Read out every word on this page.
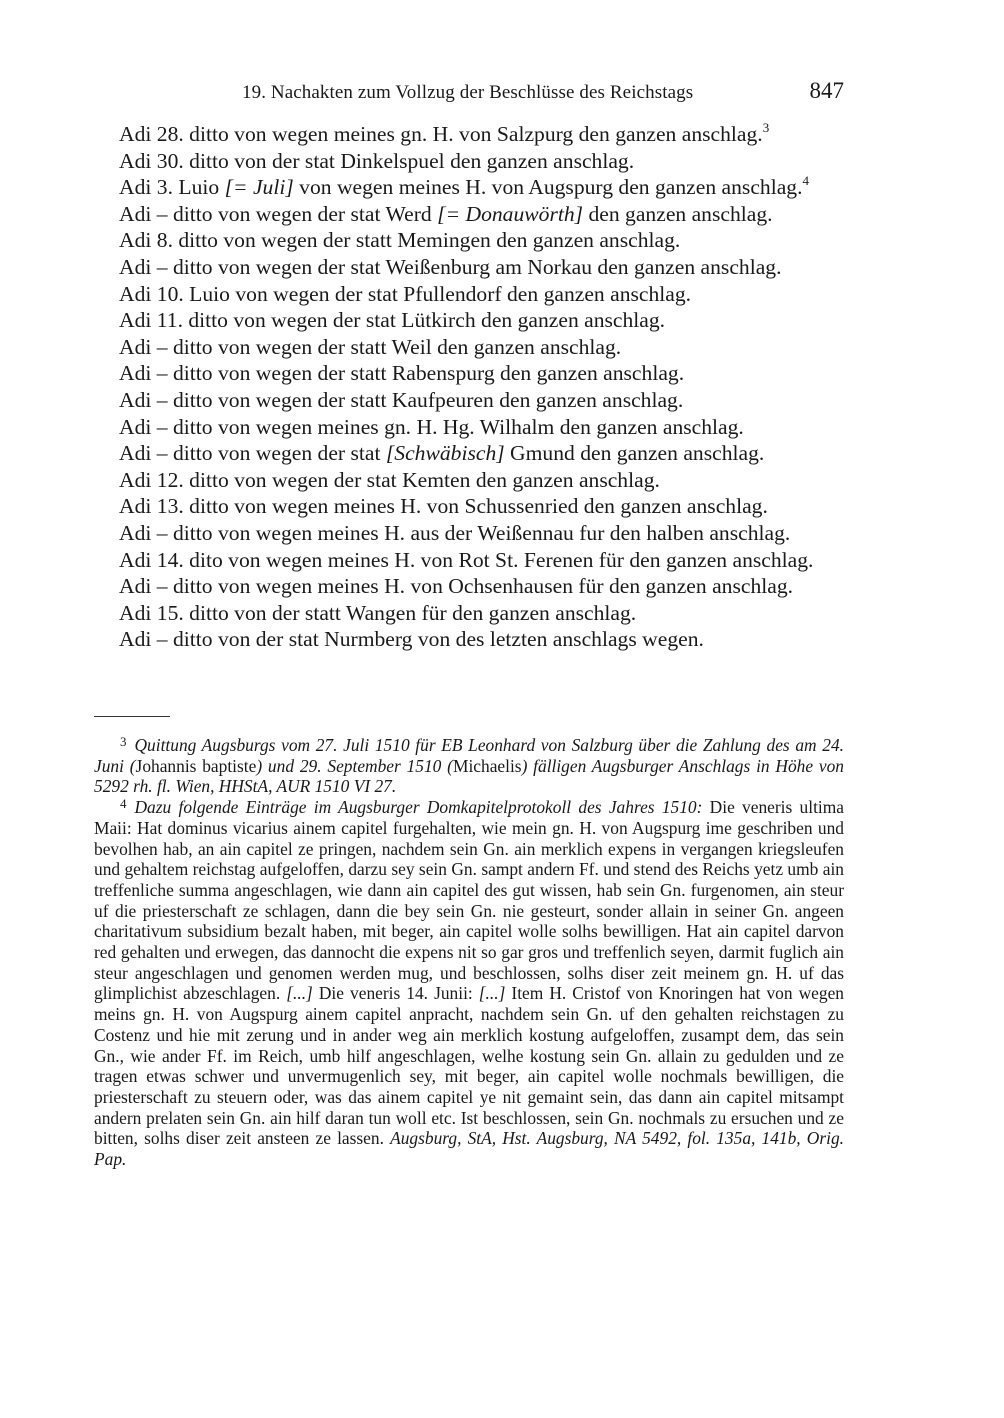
19. Nachakten zum Vollzug der Beschlüsse des Reichstags	847
Adi 28. ditto von wegen meines gn. H. von Salzpurg den ganzen anschlag.$^3$
Adi 30. ditto von der stat Dinkelspuel den ganzen anschlag.
Adi 3. Luio [= Juli] von wegen meines H. von Augspurg den ganzen anschlag.$^4$
Adi – ditto von wegen der stat Werd [= Donauwörth] den ganzen anschlag.
Adi 8. ditto von wegen der statt Memingen den ganzen anschlag.
Adi – ditto von wegen der stat Weißenburg am Norkau den ganzen anschlag.
Adi 10. Luio von wegen der stat Pfullendorf den ganzen anschlag.
Adi 11. ditto von wegen der stat Lütkirch den ganzen anschlag.
Adi – ditto von wegen der statt Weil den ganzen anschlag.
Adi – ditto von wegen der statt Rabenspurg den ganzen anschlag.
Adi – ditto von wegen der statt Kaufpeuren den ganzen anschlag.
Adi – ditto von wegen meines gn. H. Hg. Wilhalm den ganzen anschlag.
Adi – ditto von wegen der stat [Schwäbisch] Gmund den ganzen anschlag.
Adi 12. ditto von wegen der stat Kemten den ganzen anschlag.
Adi 13. ditto von wegen meines H. von Schussenried den ganzen anschlag.
Adi – ditto von wegen meines H. aus der Weißennau fur den halben anschlag.
Adi 14. dito von wegen meines H. von Rot St. Ferenen für den ganzen anschlag.
Adi – ditto von wegen meines H. von Ochsenhausen für den ganzen anschlag.
Adi 15. ditto von der statt Wangen für den ganzen anschlag.
Adi – ditto von der stat Nurmberg von des letzten anschlags wegen.

$^3$ Quittung Augsburgs vom 27. Juli 1510 für EB Leonhard von Salzburg über die Zahlung des am 24. Juni (Johannis baptiste) und 29. September 1510 (Michaelis) fälligen Augsburger Anschlags in Höhe von 5292 rh. fl. Wien, HHStA, AUR 1510 VI 27.

$^4$ Dazu folgende Einträge im Augsburger Domkapitelprotokoll des Jahres 1510: Die veneris ultima Maii: Hat dominus vicarius ainem capitel furgehalten, wie mein gn. H. von Augspurg ime geschriben und bevolhen hab, an ain capitel ze pringen, nachdem sein Gn. ain merklich expens in vergangen kriegsleufen und gehaltem reichstag aufgeloffen, darzu sey sein Gn. sampt andern Ff. und stend des Reichs yetz umb ain treffenliche summa angeschlagen, wie dann ain capitel des gut wissen, hab sein Gn. furgenomen, ain steur uf die priesterschaft ze schlagen, dann die bey sein Gn. nie gesteurt, sonder allain in seiner Gn. angeen charitativum subsidium bezalt haben, mit beger, ain capitel wolle solhs bewilligen. Hat ain capitel darvon red gehalten und erwegen, das dannocht die expens nit so gar gros und treffenlich seyen, darmit fuglich ain steur angeschlagen und genomen werden mug, und beschlossen, solhs diser zeit meinem gn. H. uf das glimplichist abzeschlagen. [...] Die veneris 14. Junii: [...] Item H. Cristof von Knoringen hat von wegen meins gn. H. von Augspurg ainem capitel anpracht, nachdem sein Gn. uf den gehalten reichstagen zu Costenz und hie mit zerung und in ander weg ain merklich kostung aufgeloffen, zusampt dem, das sein Gn., wie ander Ff. im Reich, umb hilf angeschlagen, welhe kostung sein Gn. allain zu gedulden und ze tragen etwas schwer und unvermugenlich sey, mit beger, ain capitel wolle nochmals bewilligen, die priesterschaft zu steuern oder, was das ainem capitel ye nit gemaint sein, das dann ain capitel mitsampt andern prelaten sein Gn. ain hilf daran tun woll etc. Ist beschlossen, sein Gn. nochmals zu ersuchen und ze bitten, solhs diser zeit ansteen ze lassen. Augsburg, StA, Hst. Augsburg, NA 5492, fol. 135a, 141b, Orig. Pap.
